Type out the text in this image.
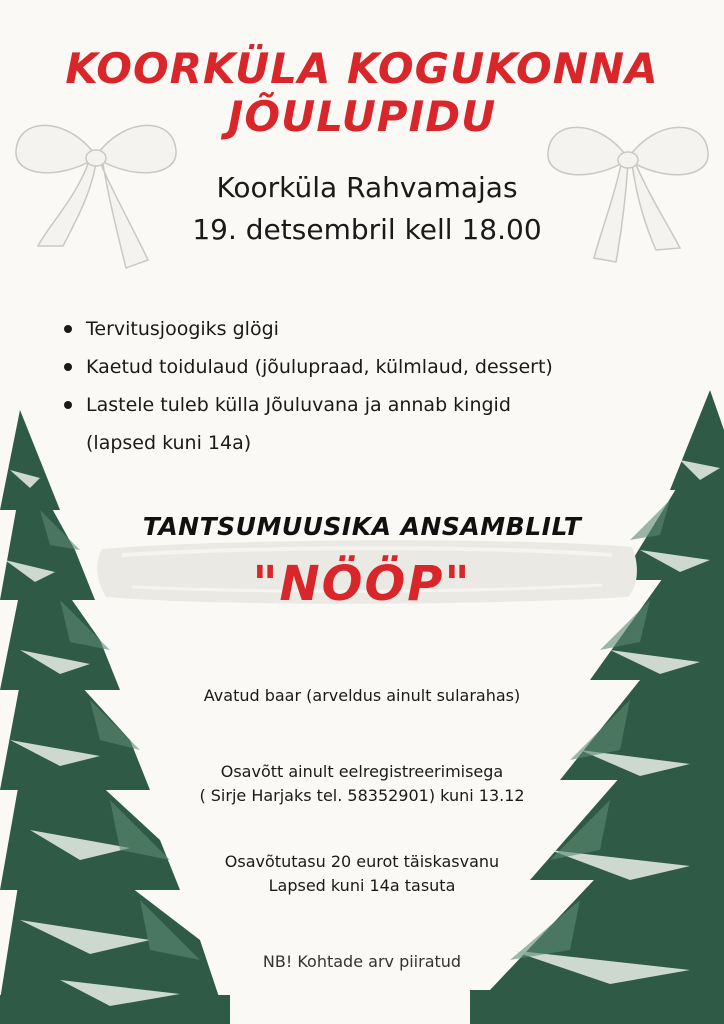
KOORKÜLA KOGUKONNA
JÕULUPIDU
Koorküla Rahvamajas
19. detsembril kell 18.00
Tervitusjoogiks glögi
Kaetud toidulaud (jõulupraad, külmlaud, dessert)
Lastele tuleb külla Jõuluvana ja annab kingid
(lapsed kuni 14a)
TANTSUMUUSIKA ANSAMBLILT
"NÖÖP"
Avatud baar (arveldus ainult sularahas)
Osavõtt ainult eelregistreerimisega
( Sirje Harjaks tel. 58352901) kuni 13.12
Osavõtutasu 20 eurot täiskasvanu
Lapsed kuni 14a tasuta
NB! Kohtade arv piiratud
